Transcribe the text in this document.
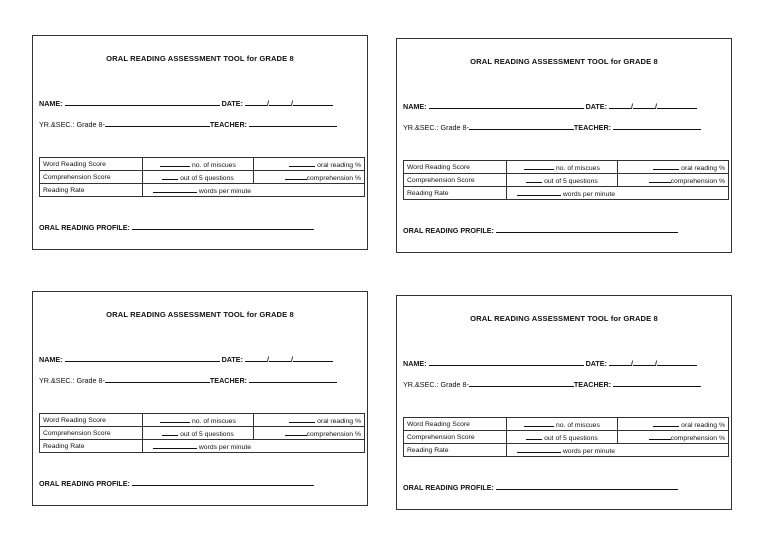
ORAL READING ASSESSMENT TOOL for GRADE 8
NAME:	DATE:	/	/
YR.&SEC.: Grade 8-	TEACHER:
Word Reading Score	no. of miscues	oral reading %
Comprehension Score	out of 5 questions	comprehension %
Reading Rate	words per minute	
ORAL READING PROFILE:
ORAL READING ASSESSMENT TOOL for GRADE 8
NAME:	DATE:	/	/
YR.&SEC.: Grade 8-	TEACHER:
Word Reading Score	no. of miscues	oral reading %
Comprehension Score	out of 5 questions	comprehension %
Reading Rate	words per minute	
ORAL READING PROFILE:
ORAL READING ASSESSMENT TOOL for GRADE 8
NAME:	DATE:	/	/
YR.&SEC.: Grade 8-	TEACHER:
Word Reading Score	no. of miscues	oral reading %
Comprehension Score	out of 5 questions	comprehension %
Reading Rate	words per minute	
ORAL READING PROFILE:
ORAL READING ASSESSMENT TOOL for GRADE 8
NAME:	DATE:	/	/
YR.&SEC.: Grade 8-	TEACHER:
Word Reading Score	no. of miscues	oral reading %
Comprehension Score	out of 5 questions	comprehension %
Reading Rate	words per minute	
ORAL READING PROFILE:
